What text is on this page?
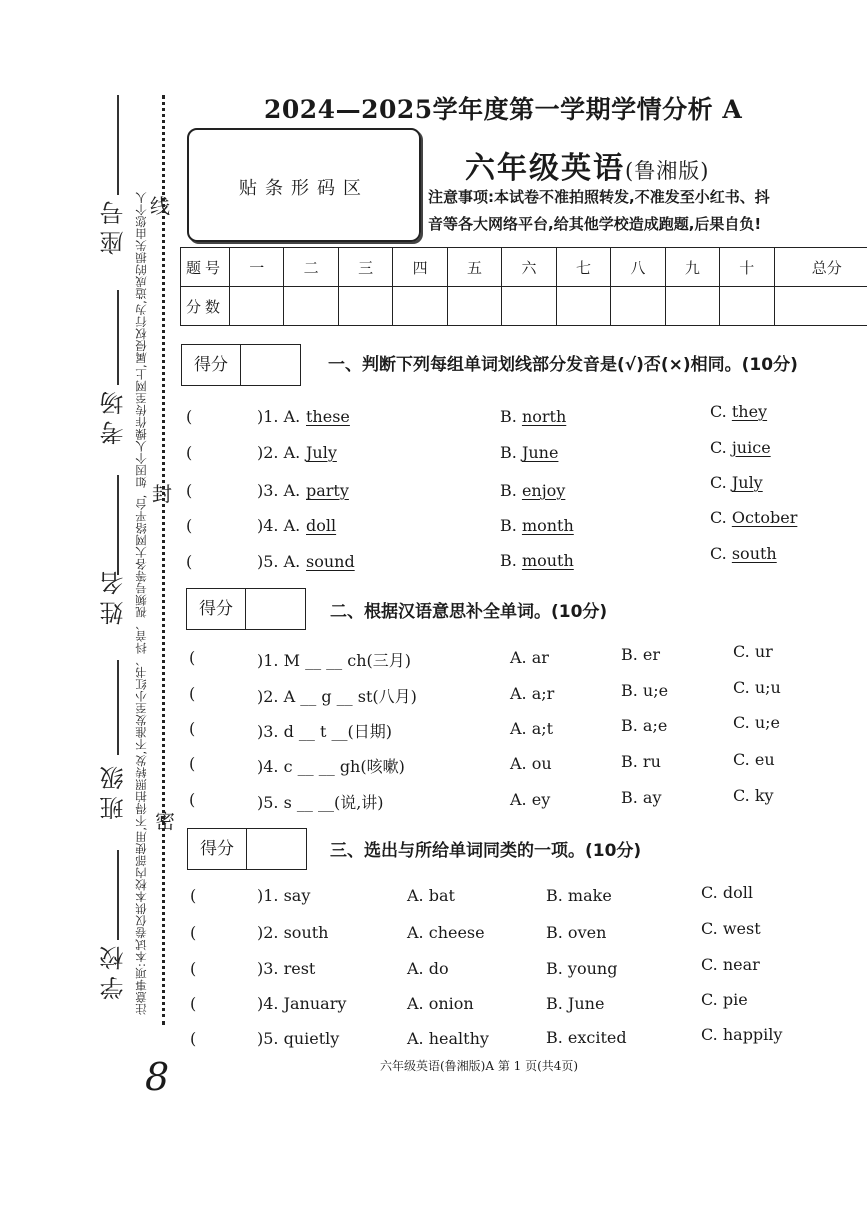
座号
考场
姓名
班级
学校
如因个人操作传至网上,属侵权行为,造成的损失由您个人
注意事项:本试卷仅供本校内部使用,不得拍照转发,不准发至小红书、抖音、视频号等各大网络平台,
线
封
密
2024—2025学年度第一学期学情分析 A
贴条形码区
六年级英语(鲁湘版)
注意事项:本试卷不准拍照转发,不准发至小红书、抖
音等各大网络平台,给其他学校造成跑题,后果自负!
题号	一	二	三	四	五	六	七	八	九	十	总分
分数											
得分	一、判断下列每组单词划线部分发音是(√)否(×)相同。(10分)
(	)1. A. these	B. north	C. they
(	)2. A. July	B. June	C. juice
(	)3. A. party	B. enjoy	C. July
(	)4. A. doll	B. month	C. October
(	)5. A. sound	B. mouth	C. south
得分	二、根据汉语意思补全单词。(10分)
(	)1. M __ __ ch(三月)	A. ar	B. er	C. ur
(	)2. A __ g __ st(八月)	A. a;r	B. u;e	C. u;u
(	)3. d __ t __(日期)	A. a;t	B. a;e	C. u;e
(	)4. c __ __ gh(咳嗽)	A. ou	B. ru	C. eu
(	)5. s __ __(说,讲)	A. ey	B. ay	C. ky
得分	三、选出与所给单词同类的一项。(10分)
(	)1. say	A. bat	B. make	C. doll
(	)2. south	A. cheese	B. oven	C. west
(	)3. rest	A. do	B. young	C. near
(	)4. January	A. onion	B. June	C. pie
(	)5. quietly	A. healthy	B. excited	C. happily
六年级英语(鲁湘版)A 第 1 页(共4页)
8
